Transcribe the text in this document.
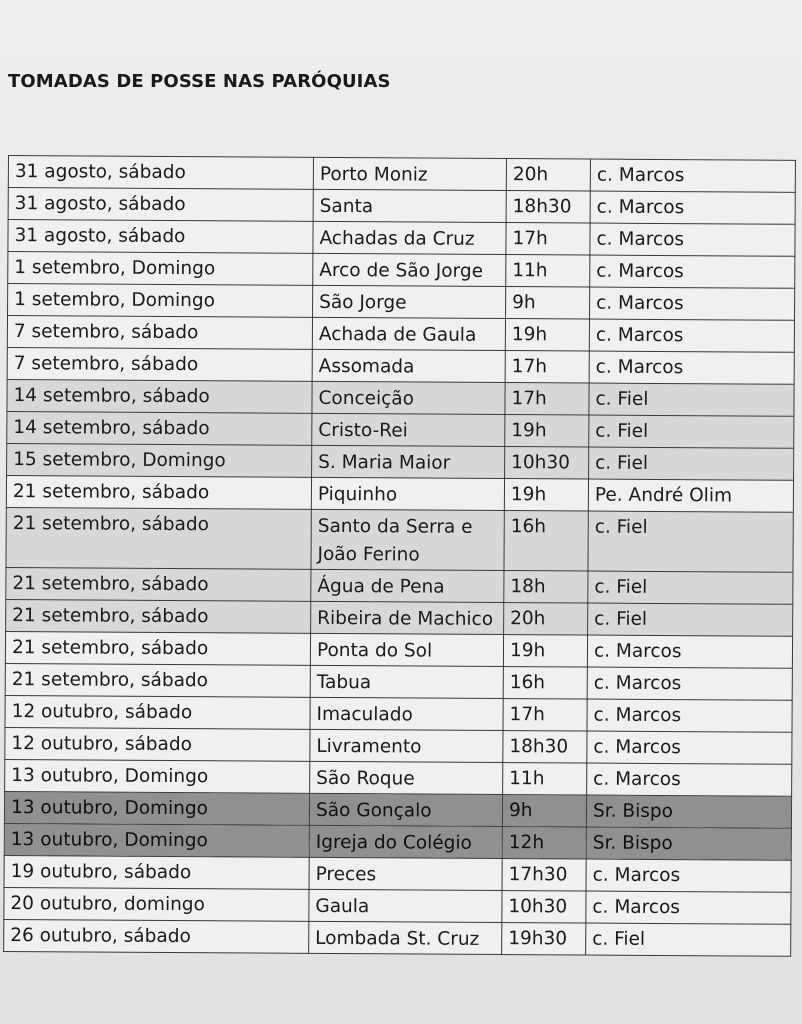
TOMADAS DE POSSE NAS PARÓQUIAS
31 agosto, sábado	Porto Moniz	20h	c. Marcos
31 agosto, sábado	Santa	18h30	c. Marcos
31 agosto, sábado	Achadas da Cruz	17h	c. Marcos
1 setembro, Domingo	Arco de São Jorge	11h	c. Marcos
1 setembro, Domingo	São Jorge	9h	c. Marcos
7 setembro, sábado	Achada de Gaula	19h	c. Marcos
7 setembro, sábado	Assomada	17h	c. Marcos
14 setembro, sábado	Conceição	17h	c. Fiel
14 setembro, sábado	Cristo-Rei	19h	c. Fiel
15 setembro, Domingo	S. Maria Maior	10h30	c. Fiel
21 setembro, sábado	Piquinho	19h	Pe. André Olim
21 setembro, sábado	Santo da Serra e João Ferino	16h	c. Fiel
21 setembro, sábado	Água de Pena	18h	c. Fiel
21 setembro, sábado	Ribeira de Machico	20h	c. Fiel
21 setembro, sábado	Ponta do Sol	19h	c. Marcos
21 setembro, sábado	Tabua	16h	c. Marcos
12 outubro, sábado	Imaculado	17h	c. Marcos
12 outubro, sábado	Livramento	18h30	c. Marcos
13 outubro, Domingo	São Roque	11h	c. Marcos
13 outubro, Domingo	São Gonçalo	9h	Sr. Bispo
13 outubro, Domingo	Igreja do Colégio	12h	Sr. Bispo
19 outubro, sábado	Preces	17h30	c. Marcos
20 outubro, domingo	Gaula	10h30	c. Marcos
26 outubro, sábado	Lombada St. Cruz	19h30	c. Fiel
